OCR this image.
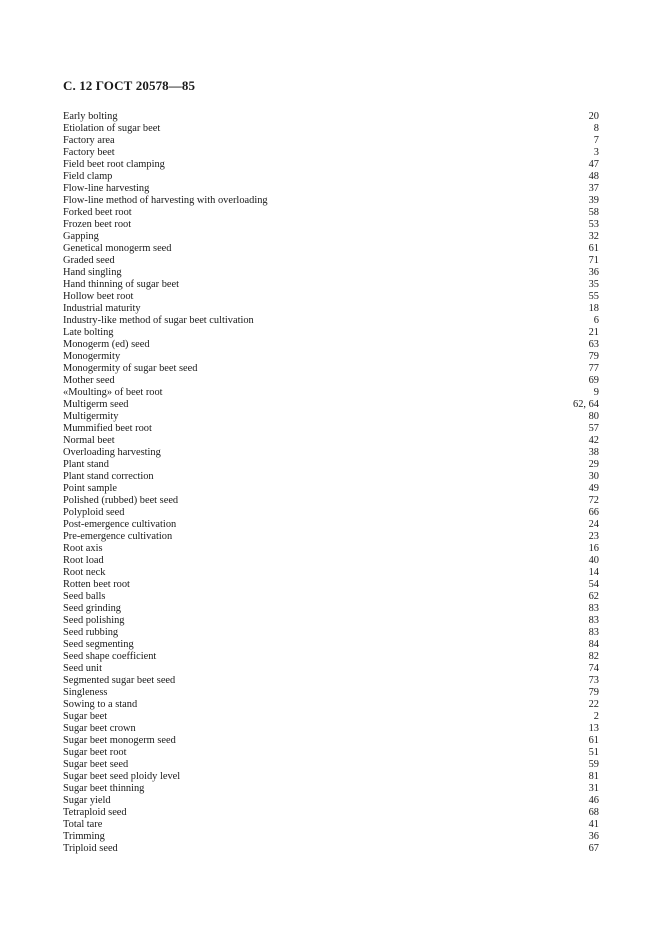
С. 12 ГОСТ 20578—85
Early bolting	20
Etiolation of sugar beet	8
Factory area	7
Factory beet	3
Field beet root clamping	47
Field clamp	48
Flow-line harvesting	37
Flow-line method of harvesting with overloading	39
Forked beet root	58
Frozen beet root	53
Gapping	32
Genetical monogerm seed	61
Graded seed	71
Hand singling	36
Hand thinning of sugar beet	35
Hollow beet root	55
Industrial maturity	18
Industry-like method of sugar beet cultivation	6
Late bolting	21
Monogerm (ed) seed	63
Monogermity	79
Monogermity of sugar beet seed	77
Mother seed	69
«Moulting» of beet root	9
Multigerm seed	62, 64
Multigermity	80
Mummified beet root	57
Normal beet	42
Overloading harvesting	38
Plant stand	29
Plant stand correction	30
Point sample	49
Polished (rubbed) beet seed	72
Polyploid seed	66
Post-emergence cultivation	24
Pre-emergence cultivation	23
Root axis	16
Root load	40
Root neck	14
Rotten beet root	54
Seed balls	62
Seed grinding	83
Seed polishing	83
Seed rubbing	83
Seed segmenting	84
Seed shape coefficient	82
Seed unit	74
Segmented sugar beet seed	73
Singleness	79
Sowing to a stand	22
Sugar beet	2
Sugar beet crown	13
Sugar beet monogerm seed	61
Sugar beet root	51
Sugar beet seed	59
Sugar beet seed ploidy level	81
Sugar beet thinning	31
Sugar yield	46
Tetraploid seed	68
Total tare	41
Trimming	36
Triploid seed	67
